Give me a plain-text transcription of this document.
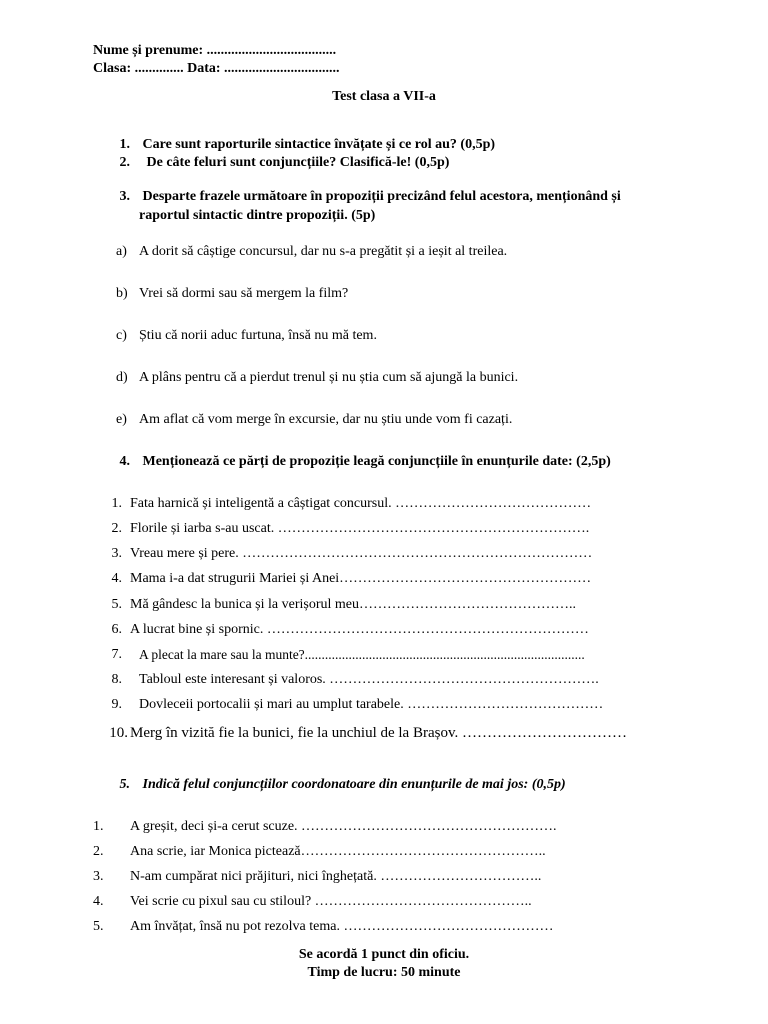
Nume și prenume: .....................................
Clasa: .............. Data: .................................
Test clasa a VII-a
1. Care sunt raporturile sintactice învățate și ce rol au? (0,5p)
2. De câte feluri sunt conjuncțiile? Clasifică-le! (0,5p)
3. Desparte frazele următoare în propoziții precizând felul acestora, menționând și
raportul sintactic dintre propoziții. (5p)
a) A dorit să câștige concursul, dar nu s-a pregătit și a ieșit al treilea.
b) Vrei să dormi sau să mergem la film?
c) Știu că norii aduc furtuna, însă nu mă tem.
d) A plâns pentru că a pierdut trenul și nu știa cum să ajungă la bunici.
e) Am aflat că vom merge în excursie, dar nu știu unde vom fi cazați.
4. Menționează ce părți de propoziție leagă conjuncțiile în enunțurile date: (2,5p)
1. Fata harnică și inteligentă a câștigat concursul. ……………………………………
2. Florile și iarba s-au uscat. ………………………………………………………….
3. Vreau mere și pere. …………………………………………………………………
4. Mama i-a dat strugurii Mariei și Anei………………………………………………
5. Mă gândesc la bunica și la verișorul meu………………………………………..
6. A lucrat bine și spornic. ……………………………………………………………
7. A plecat la mare sau la munte?...................................................................................
8. Tabloul este interesant și valoros. ………………………………………………….
9. Dovleceii portocalii și mari au umplut tarabele. ……………………………………
10. Merg în vizită fie la bunici, fie la unchiul de la Brașov. ……………………………
5. Indică felul conjuncțiilor coordonatoare din enunțurile de mai jos: (0,5p)
1. A greșit, deci și-a cerut scuze. ……………………………………………….
2. Ana scrie, iar Monica pictează……………………………………………..
3. N-am cumpărat nici prăjituri, nici înghețată. ……………………………..
4. Vei scrie cu pixul sau cu stiloul? ………………………………………..
5. Am învățat, însă nu pot rezolva tema. ………………………………………
Se acordă 1 punct din oficiu.
Timp de lucru: 50 minute
